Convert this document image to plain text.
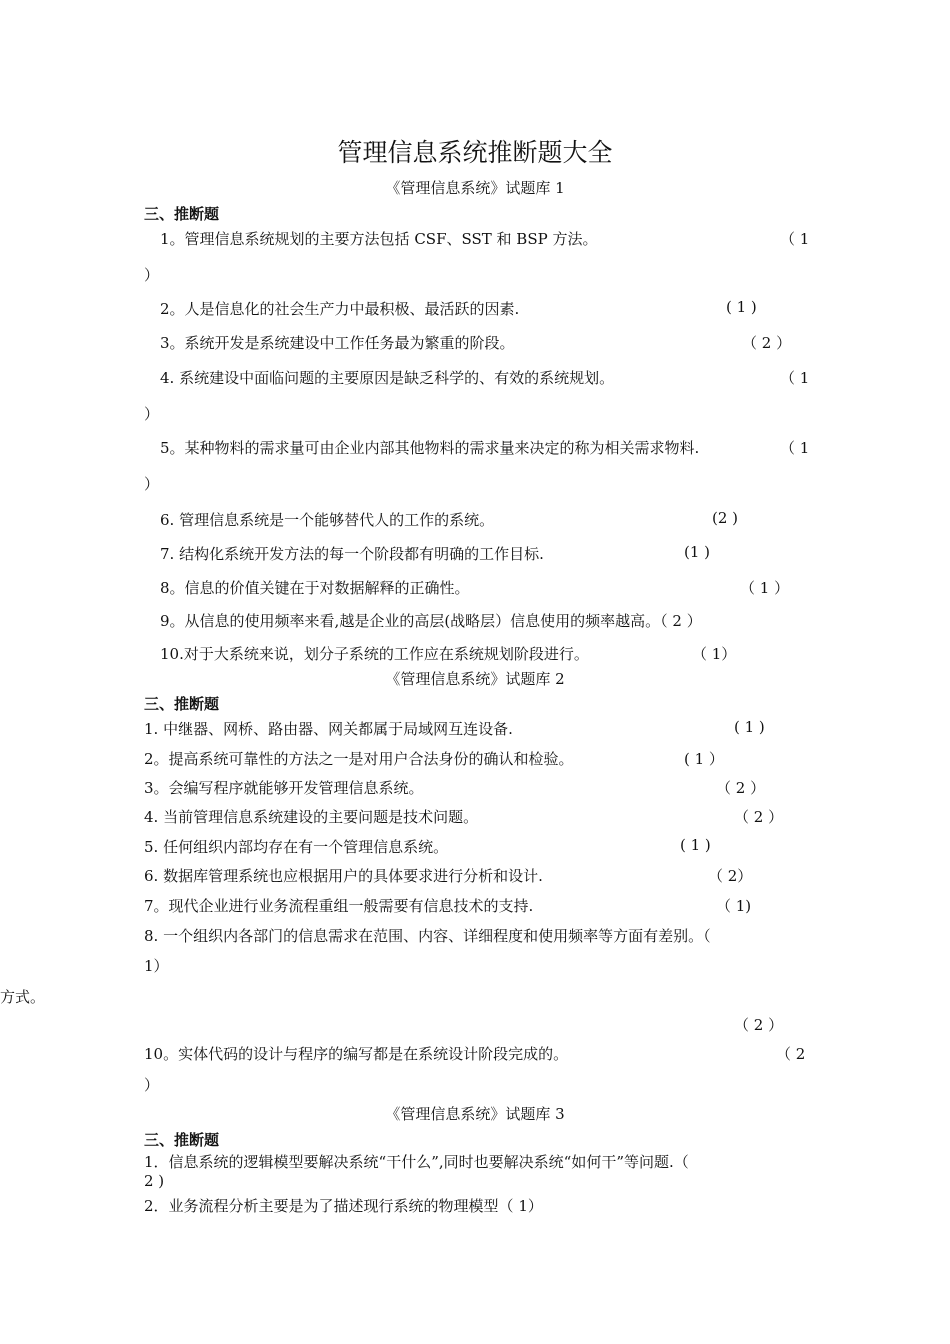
管理信息系统推断题大全
《管理信息系统》试题库 1
三、推断题
1。管理信息系统规划的主要方法包括 CSF、SST 和 BSP 方法。	（ 1
）
2。人是信息化的社会生产力中最积极、最活跃的因素.	( 1 )
3。系统开发是系统建设中工作任务最为繁重的阶段。	（ 2 ）
4. 系统建设中面临问题的主要原因是缺乏科学的、有效的系统规划。	（ 1
）
5。某种物料的需求量可由企业内部其他物料的需求量来决定的称为相关需求物料.	（ 1
）
6. 管理信息系统是一个能够替代人的工作的系统。	(2 )
7. 结构化系统开发方法的每一个阶段都有明确的工作目标.	(1 )
8。信息的价值关键在于对数据解释的正确性。	（ 1 ）
9。从信息的使用频率来看,越是企业的高层(战略层）信息使用的频率越高。（ 2 ）
10.对于大系统来说，划分子系统的工作应在系统规划阶段进行。	（ 1）
《管理信息系统》试题库 2
三、推断题
1. 中继器、网桥、路由器、网关都属于局域网互连设备.	( 1 )
2。提高系统可靠性的方法之一是对用户合法身份的确认和检验。	( 1 ）
3。会编写程序就能够开发管理信息系统。	（ 2 ）
4. 当前管理信息系统建设的主要问题是技术问题。	（ 2 ）
5. 任何组织内部均存在有一个管理信息系统。	( 1 )
6. 数据库管理系统也应根据用户的具体要求进行分析和设计.	（ 2）
7。现代企业进行业务流程重组一般需要有信息技术的支持.	（ 1)
8. 一个组织内各部门的信息需求在范围、内容、详细程度和使用频率等方面有差别。（
1）
方式。
（ 2 ）
10。实体代码的设计与程序的编写都是在系统设计阶段完成的。	（ 2
）
《管理信息系统》试题库 3
三、推断题
1．信息系统的逻辑模型要解决系统“干什么”,同时也要解决系统“如何干”等问题.（
2 )
2．业务流程分析主要是为了描述现行系统的物理模型（ 1）
